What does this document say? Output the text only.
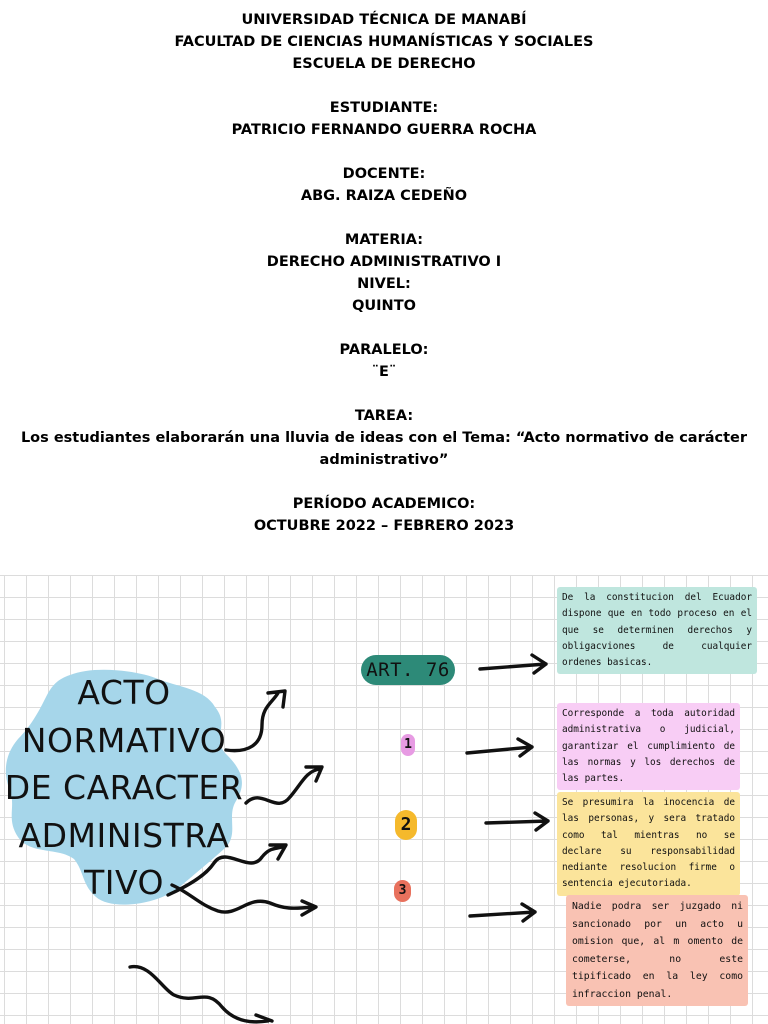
UNIVERSIDAD TÉCNICA DE MANABÍ
FACULTAD DE CIENCIAS HUMANÍSTICAS Y SOCIALES
ESCUELA DE DERECHO
ESTUDIANTE:
PATRICIO FERNANDO GUERRA ROCHA
DOCENTE:
ABG. RAIZA CEDEÑO
MATERIA:
DERECHO ADMINISTRATIVO I
NIVEL:
QUINTO
PARALELO:
¨E¨
TAREA:
Los estudiantes elaborarán una lluvia de ideas con el Tema: “Acto normativo de carácter administrativo”
PERÍODO ACADEMICO:
OCTUBRE 2022 – FEBRERO 2023
ACTO
NORMATIVO
DE CARACTER
ADMINISTRA
TIVO
ART. 76
1
2
3
De la constitucion del Ecuador dispone que en todo proceso en el que se determinen derechos y obligacviones de cualquier ordenes basicas.
Corresponde a toda autoridad administrativa o judicial, garantizar el cumplimiento de las normas y los derechos de las partes.
Se presumira la inocencia de las personas, y sera tratado como tal mientras no se declare su responsabilidad nediante resolucion firme o sentencia ejecutoriada.
Nadie podra ser juzgado ni sancionado por un acto u omision que, al m omento de cometerse, no este tipificado en la ley como infraccion penal.
